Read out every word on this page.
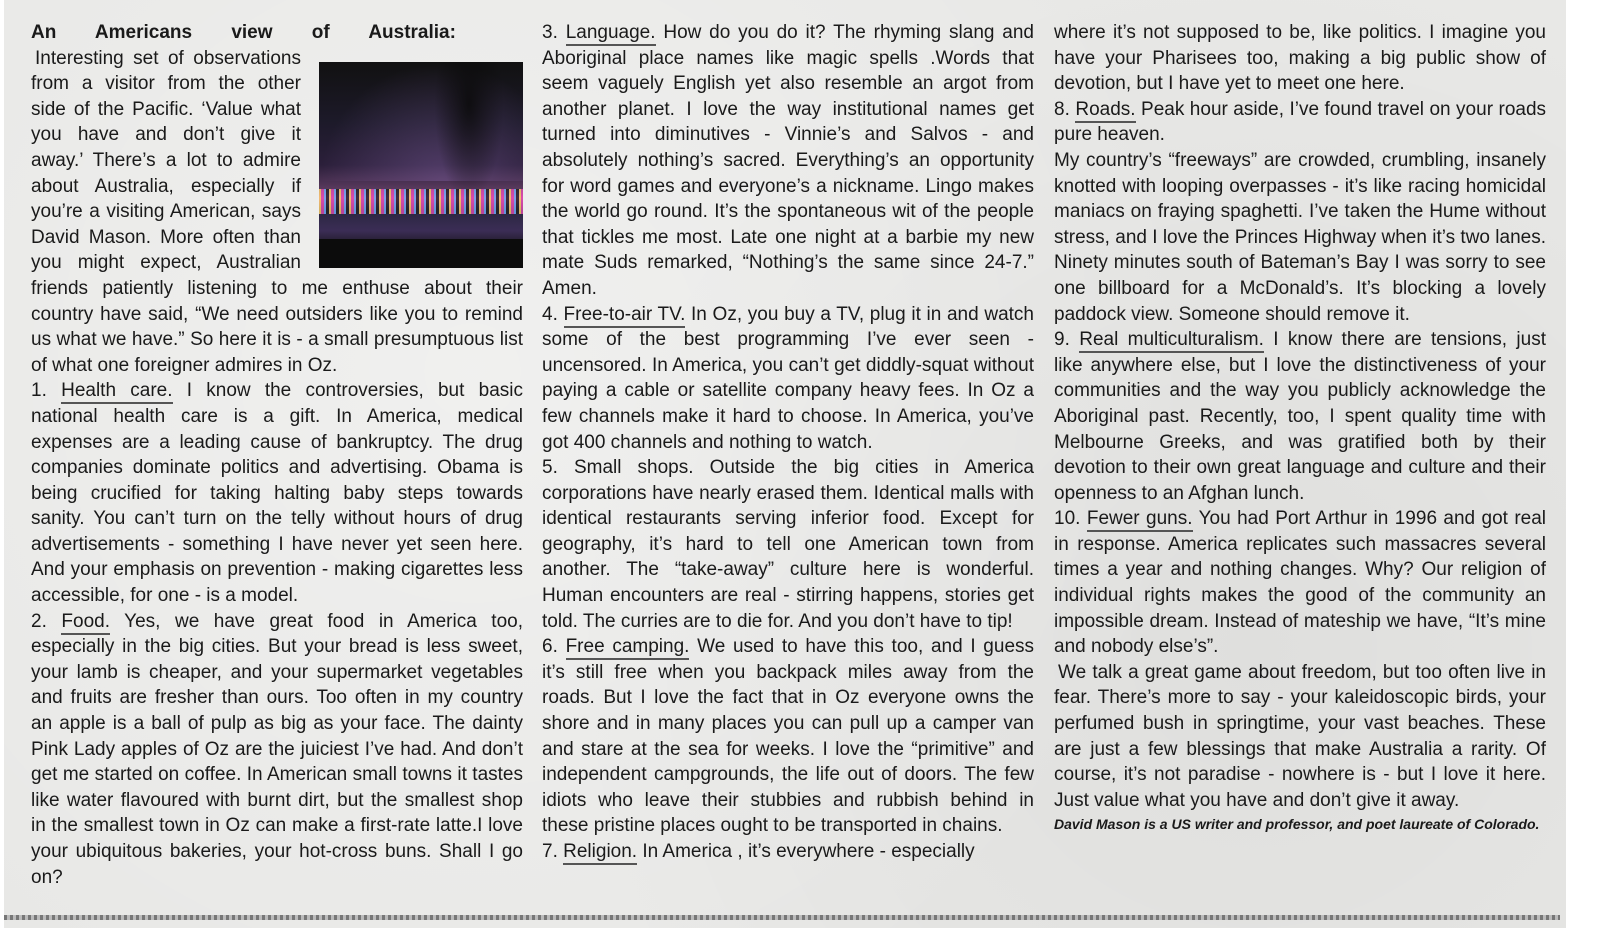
An Americans view of Australia:

Interesting set of observations from a visitor from the other side of the Pacific. ‘Value what you have and don’t give it away.’ There’s a lot to admire about Australia, especially if you’re a visiting American, says David Mason. More often than you might expect, Australian friends patiently listening to me enthuse about their country have said, “We need outsiders like you to remind us what we have.” So here it is - a small presumptuous list of what one foreigner admires in Oz.

1. Health care. I know the controversies, but basic national health care is a gift. In America, medical expenses are a leading cause of bankruptcy. The drug companies dominate politics and advertising. Obama is being crucified for taking halting baby steps towards sanity. You can’t turn on the telly without hours of drug advertisements - something I have never yet seen here. And your emphasis on prevention - making cigarettes less accessible, for one - is a model.

2. Food. Yes, we have great food in America too, especially in the big cities. But your bread is less sweet, your lamb is cheaper, and your supermarket vegetables and fruits are fresher than ours. Too often in my country an apple is a ball of pulp as big as your face. The dainty Pink Lady apples of Oz are the juiciest I’ve had. And don’t get me started on coffee. In American small towns it tastes like water flavoured with burnt dirt, but the smallest shop in the smallest town in Oz can make a first-rate latte.I love your ubiquitous bakeries, your hot-cross buns. Shall I go on?

3. Language. How do you do it? The rhyming slang and Aboriginal place names like magic spells .Words that seem vaguely English yet also resemble an argot from another planet. I love the way institutional names get turned into diminutives - Vinnie’s and Salvos - and absolutely nothing’s sacred. Everything’s an opportunity for word games and everyone’s a nickname. Lingo makes the world go round. It’s the spontaneous wit of the people that tickles me most. Late one night at a barbie my new mate Suds remarked, “Nothing’s the same since 24-7.” Amen.

4. Free-to-air TV. In Oz, you buy a TV, plug it in and watch some of the best programming I’ve ever seen - uncensored. In America, you can’t get diddly-squat without paying a cable or satellite company heavy fees. In Oz a few channels make it hard to choose. In America, you’ve got 400 channels and nothing to watch.

5. Small shops. Outside the big cities in America corporations have nearly erased them. Identical malls with identical restaurants serving inferior food. Except for geography, it’s hard to tell one American town from another. The “take-away” culture here is wonderful. Human encounters are real - stirring happens, stories get told. The curries are to die for. And you don’t have to tip!

6. Free camping. We used to have this too, and I guess it’s still free when you backpack miles away from the roads. But I love the fact that in Oz everyone owns the shore and in many places you can pull up a camper van and stare at the sea for weeks. I love the “primitive” and independent campgrounds, the life out of doors. The few idiots who leave their stubbies and rubbish behind in these pristine places ought to be transported in chains.

7. Religion. In America , it’s everywhere - especially

where it’s not supposed to be, like politics. I imagine you have your Pharisees too, making a big public show of devotion, but I have yet to meet one here.

8. Roads. Peak hour aside, I’ve found travel on your roads pure heaven.

My country’s “freeways” are crowded, crumbling, insanely knotted with looping overpasses - it’s like racing homicidal maniacs on fraying spaghetti. I’ve taken the Hume without stress, and I love the Princes Highway when it’s two lanes. Ninety minutes south of Bateman’s Bay I was sorry to see one billboard for a McDonald’s. It’s blocking a lovely paddock view. Someone should remove it.

9. Real multiculturalism. I know there are tensions, just like anywhere else, but I love the distinctiveness of your communities and the way you publicly acknowledge the Aboriginal past. Recently, too, I spent quality time with Melbourne Greeks, and was gratified both by their devotion to their own great language and culture and their openness to an Afghan lunch.

10. Fewer guns. You had Port Arthur in 1996 and got real in response. America replicates such massacres several times a year and nothing changes. Why? Our religion of individual rights makes the good of the community an impossible dream. Instead of mateship we have, “It’s mine and nobody else’s”.

We talk a great game about freedom, but too often live in fear. There’s more to say - your kaleidoscopic birds, your perfumed bush in springtime, your vast beaches. These are just a few blessings that make Australia a rarity. Of course, it’s not paradise - nowhere is - but I love it here. Just value what you have and don’t give it away.

David Mason is a US writer and professor, and poet laureate of Colorado.
